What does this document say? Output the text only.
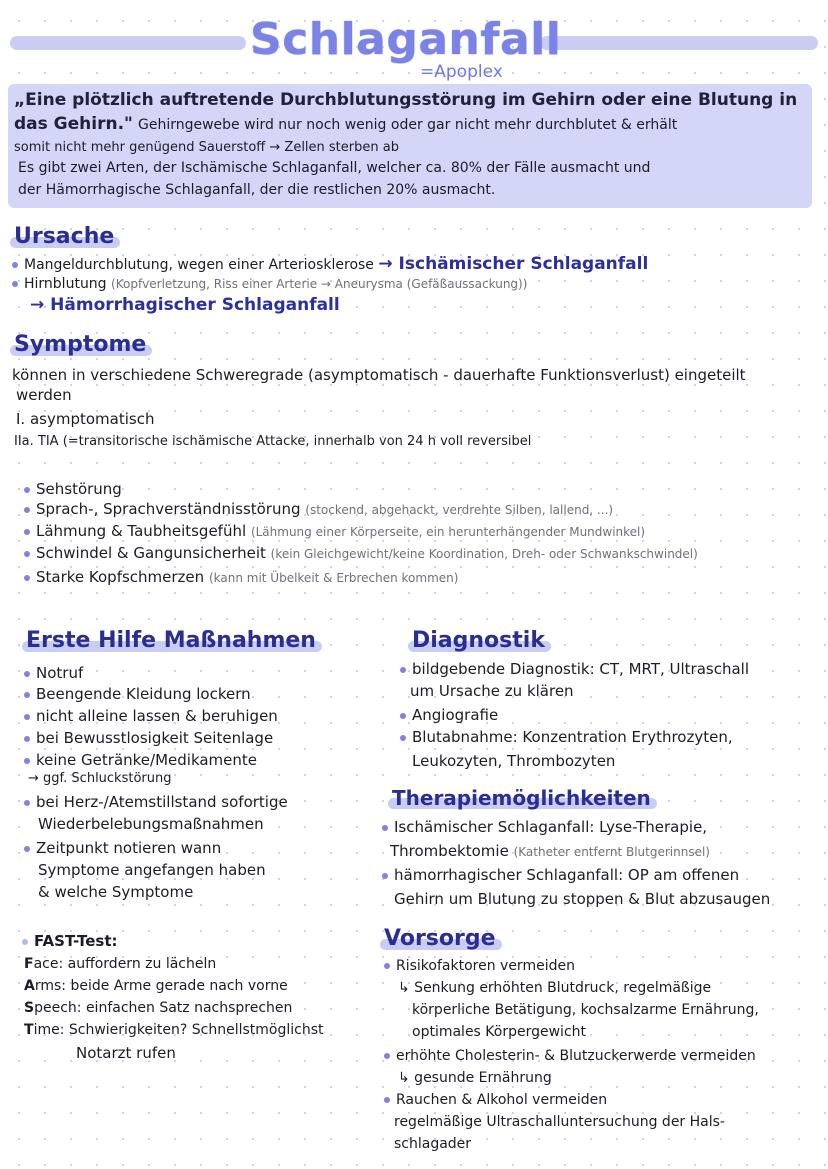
Schlaganfall
=Apoplex
„Eine plötzlich auftretende Durchblutungsstörung im Gehirn oder eine Blutung in
das Gehirn." Gehirngewebe wird nur noch wenig oder gar nicht mehr durchblutet & erhält
somit nicht mehr genügend Sauerstoff → Zellen sterben ab
Es gibt zwei Arten, der Ischämische Schlaganfall, welcher ca. 80% der Fälle ausmacht und
der Hämorrhagische Schlaganfall, der die restlichen 20% ausmacht.
Ursache
Mangeldurchblutung, wegen einer Arteriosklerose → Ischämischer Schlaganfall
Hirnblutung (Kopfverletzung, Riss einer Arterie → Aneurysma (Gefäßaussackung))
→ Hämorrhagischer Schlaganfall
Symptome
können in verschiedene Schweregrade (asymptomatisch - dauerhafte Funktionsverlust) eingeteilt
werden
I. asymptomatisch
IIa. TIA (=transitorische ischämische Attacke, innerhalb von 24 h voll reversibel
Sehstörung
Sprach-, Sprachverständnisstörung (stockend, abgehackt, verdrehte Silben, lallend, ...)
Lähmung & Taubheitsgefühl (Lähmung einer Körperseite, ein herunterhängender Mundwinkel)
Schwindel & Gangunsicherheit (kein Gleichgewicht/keine Koordination, Dreh- oder Schwankschwindel)
Starke Kopfschmerzen (kann mit Übelkeit & Erbrechen kommen)
Erste Hilfe Maßnahmen
Notruf
Beengende Kleidung lockern
nicht alleine lassen & beruhigen
bei Bewusstlosigkeit Seitenlage
keine Getränke/Medikamente
→ ggf. Schluckstörung
bei Herz-/Atemstillstand sofortige
Wiederbelebungsmaßnahmen
Zeitpunkt notieren wann
Symptome angefangen haben
& welche Symptome
FAST-Test:
Face: auffordern zu lächeln
Arms: beide Arme gerade nach vorne
Speech: einfachen Satz nachsprechen
Time: Schwierigkeiten? Schnellstmöglichst
Notarzt rufen
Diagnostik
bildgebende Diagnostik: CT, MRT, Ultraschall
um Ursache zu klären
Angiografie
Blutabnahme: Konzentration Erythrozyten,
Leukozyten, Thrombozyten
Therapiemöglichkeiten
Ischämischer Schlaganfall: Lyse-Therapie,
Thrombektomie (Katheter entfernt Blutgerinnsel)
hämorrhagischer Schlaganfall: OP am offenen
Gehirn um Blutung zu stoppen & Blut abzusaugen
Vorsorge
Risikofaktoren vermeiden
↳ Senkung erhöhten Blutdruck, regelmäßige
körperliche Betätigung, kochsalzarme Ernährung,
optimales Körpergewicht
erhöhte Cholesterin- & Blutzuckerwerde vermeiden
↳ gesunde Ernährung
Rauchen & Alkohol vermeiden
regelmäßige Ultraschalluntersuchung der Hals-
schlagader
